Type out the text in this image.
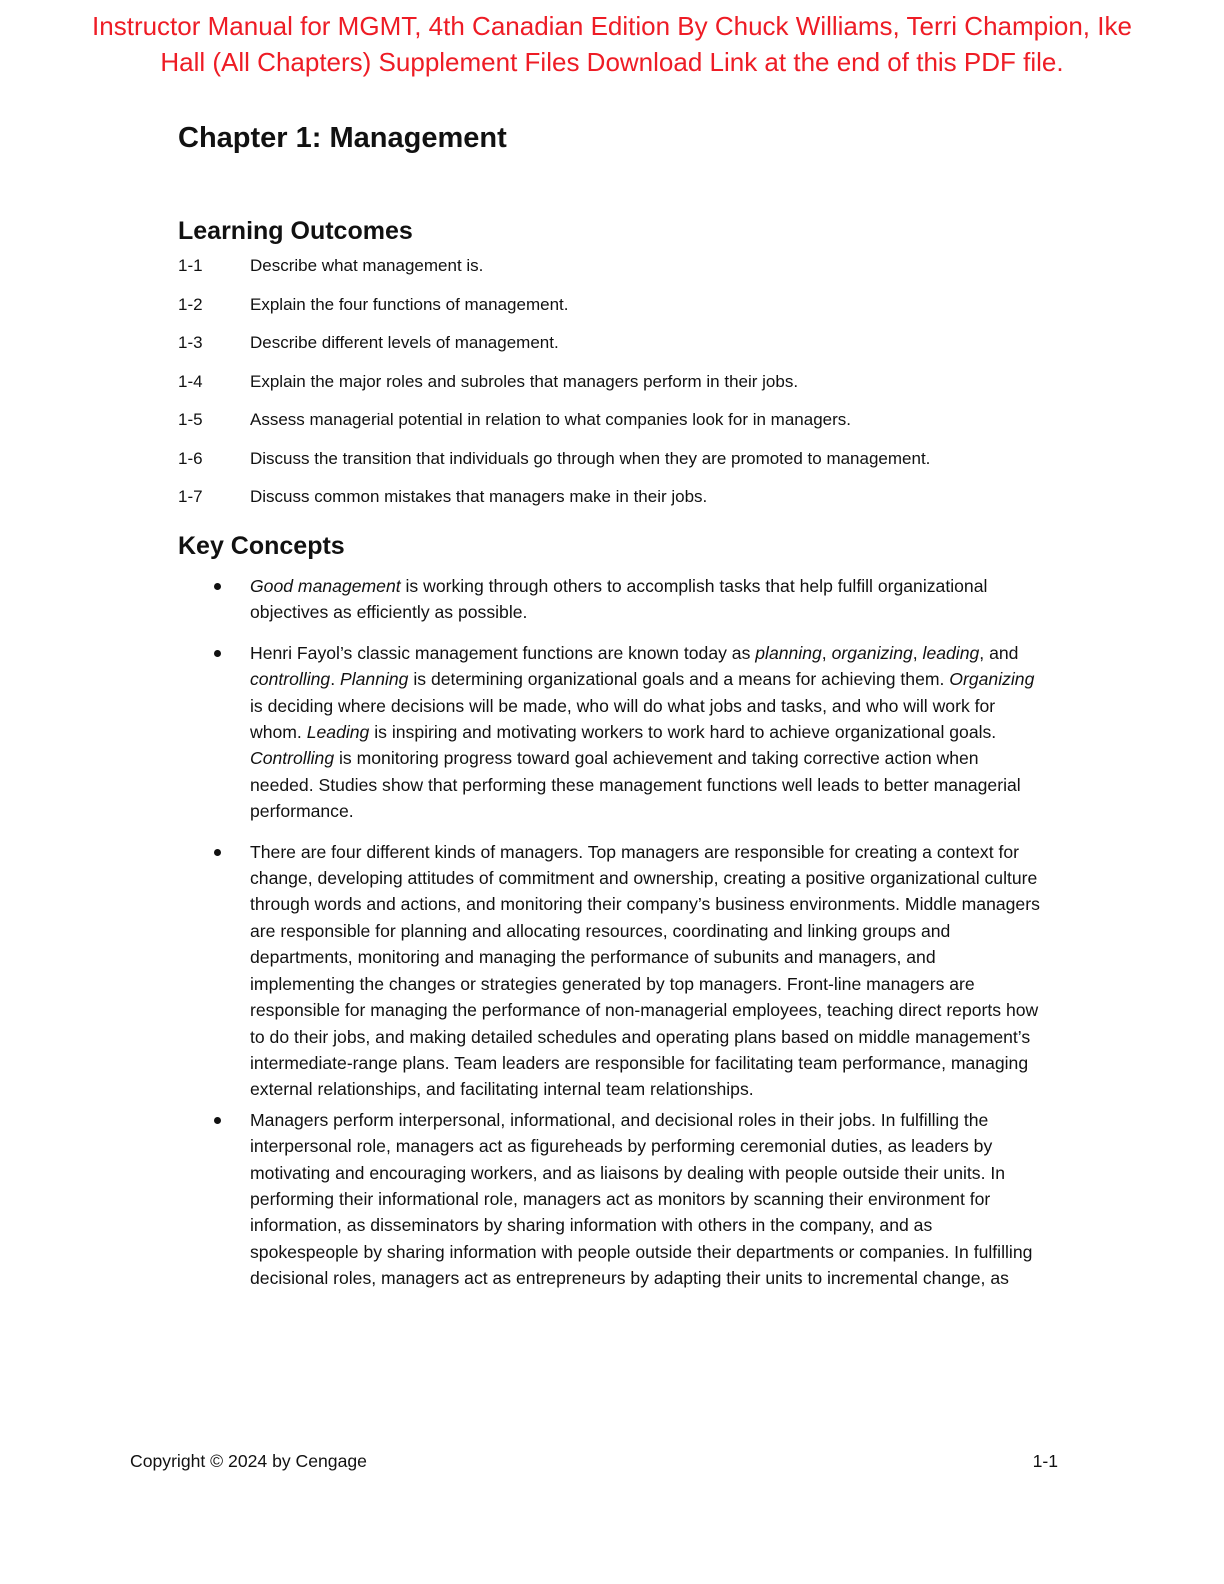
Instructor Manual for MGMT, 4th Canadian Edition By Chuck Williams, Terri Champion, Ike
Hall (All Chapters) Supplement Files Download Link at the end of this PDF file.
Chapter 1: Management
Learning Outcomes
1-1	Describe what management is.
1-2	Explain the four functions of management.
1-3	Describe different levels of management.
1-4	Explain the major roles and subroles that managers perform in their jobs.
1-5	Assess managerial potential in relation to what companies look for in managers.
1-6	Discuss the transition that individuals go through when they are promoted to management.
1-7	Discuss common mistakes that managers make in their jobs.
Key Concepts
Good management is working through others to accomplish tasks that help fulfill organizational objectives as efficiently as possible.
Henri Fayol’s classic management functions are known today as planning, organizing, leading, and controlling. Planning is determining organizational goals and a means for achieving them. Organizing is deciding where decisions will be made, who will do what jobs and tasks, and who will work for whom. Leading is inspiring and motivating workers to work hard to achieve organizational goals. Controlling is monitoring progress toward goal achievement and taking corrective action when needed. Studies show that performing these management functions well leads to better managerial performance.
There are four different kinds of managers. Top managers are responsible for creating a context for change, developing attitudes of commitment and ownership, creating a positive organizational culture through words and actions, and monitoring their company’s business environments. Middle managers are responsible for planning and allocating resources, coordinating and linking groups and departments, monitoring and managing the performance of subunits and managers, and implementing the changes or strategies generated by top managers. Front-line managers are responsible for managing the performance of non-managerial employees, teaching direct reports how to do their jobs, and making detailed schedules and operating plans based on middle management’s intermediate-range plans. Team leaders are responsible for facilitating team performance, managing external relationships, and facilitating internal team relationships.
Managers perform interpersonal, informational, and decisional roles in their jobs. In fulfilling the interpersonal role, managers act as figureheads by performing ceremonial duties, as leaders by motivating and encouraging workers, and as liaisons by dealing with people outside their units. In performing their informational role, managers act as monitors by scanning their environment for information, as disseminators by sharing information with others in the company, and as spokespeople by sharing information with people outside their departments or companies. In fulfilling decisional roles, managers act as entrepreneurs by adapting their units to incremental change, as
Copyright © 2024 by Cengage	1-1
